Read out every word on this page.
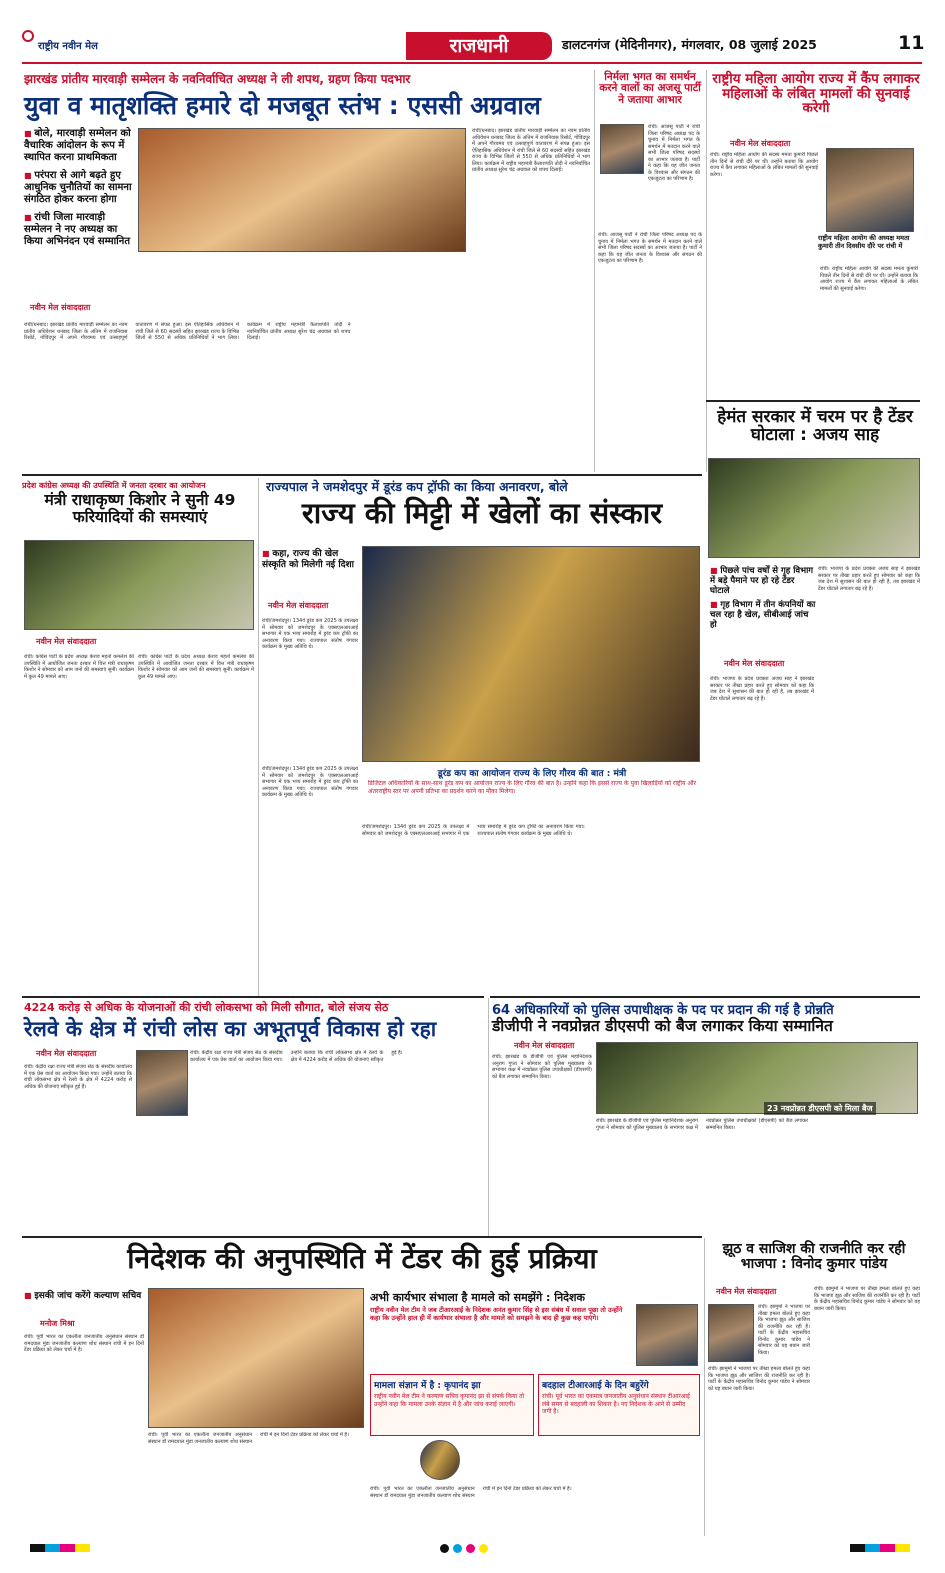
राष्ट्रीय नवीन मेल	राजधानी	डालटनगंज (मेदिनीनगर), मंगलवार, 08 जुलाई 2025	11
झारखंड प्रांतीय मारवाड़ी सम्मेलन के नवनिर्वाचित अध्यक्ष ने ली शपथ, ग्रहण किया पदभार
युवा व मातृशक्ति हमारे दो मजबूत स्तंभ : एससी अग्रवाल
■ बोले, मारवाड़ी सम्मेलन को वैचारिक आंदोलन के रूप में स्थापित करना प्राथमिकता
■ परंपरा से आगे बढ़ते हुए आधुनिक चुनौतियों का सामना संगठित होकर करना होगा
■ रांची जिला मारवाड़ी सम्मेलन ने नए अध्यक्ष का किया अभिनंदन एवं सम्मानित
नवीन मेल संवाददाता
रांची/धनबाद। झारखंड प्रांतीय मारवाड़ी सम्मेलन का नवम प्रांतीय अधिवेशन धनबाद जिला के अंतिम में राजनिवास रिसोर्ट, गोविंदपुर में अपने गौरवमय एवं उत्साहपूर्ण वातावरण में संपन्न हुआ। इस ऐतिहासिक अधिवेशन में रांची जिले से 60 सदस्यों सहित झारखंड राज्य के विभिन्न जिलों से 550 से अधिक प्रतिनिधियों ने भाग लिया। कार्यक्रम में राष्ट्रीय महामंत्री कैलाशपति तोदी ने नवनिर्वाचित प्रांतीय अध्यक्ष सुरेश चंद्र अग्रवाल को शपथ दिलाई।
रांची/धनबाद। झारखंड प्रांतीय मारवाड़ी सम्मेलन का नवम प्रांतीय अधिवेशन धनबाद जिला के अंतिम में राजनिवास रिसोर्ट, गोविंदपुर में अपने गौरवमय एवं उत्साहपूर्ण वातावरण में संपन्न हुआ। इस ऐतिहासिक अधिवेशन में रांची जिले से 60 सदस्यों सहित झारखंड राज्य के विभिन्न जिलों से 550 से अधिक प्रतिनिधियों ने भाग लिया। कार्यक्रम में राष्ट्रीय महामंत्री कैलाशपति तोदी ने नवनिर्वाचित प्रांतीय अध्यक्ष सुरेश चंद्र अग्रवाल को शपथ दिलाई।
निर्मला भगत का समर्थन करने वालों का अजसू पार्टी ने जताया आभार
रांची। आजसू पार्टी ने रांची जिला परिषद अध्यक्ष पद के चुनाव में निर्मला भगत के समर्थन में मतदान करने वाले सभी जिला परिषद सदस्यों का आभार जताया है। पार्टी ने कहा कि यह जीत जनता के विश्वास और संगठन की एकजुटता का परिणाम है।
रांची। आजसू पार्टी ने रांची जिला परिषद अध्यक्ष पद के चुनाव में निर्मला भगत के समर्थन में मतदान करने वाले सभी जिला परिषद सदस्यों का आभार जताया है। पार्टी ने कहा कि यह जीत जनता के विश्वास और संगठन की एकजुटता का परिणाम है।
राष्ट्रीय महिला आयोग राज्य में कैंप लगाकर महिलाओं के लंबित मामलों की सुनवाई करेगी
नवीन मेल संवाददाता
राष्ट्रीय महिला आयोग की अध्यक्ष ममता कुमारी तीन दिवसीय दौरे पर रांची में
रांची। राष्ट्रीय महिला आयोग की सदस्य ममता कुमारी पिछले तीन दिनों से रांची दौरे पर थीं। उन्होंने बताया कि आयोग राज्य में कैंप लगाकर महिलाओं के लंबित मामलों की सुनवाई करेगा।
रांची। राष्ट्रीय महिला आयोग की सदस्य ममता कुमारी पिछले तीन दिनों से रांची दौरे पर थीं। उन्होंने बताया कि आयोग राज्य में कैंप लगाकर महिलाओं के लंबित मामलों की सुनवाई करेगा।
हेमंत सरकार में चरम पर है टेंडर घोटाला : अजय साह
■ पिछले पांच वर्षों से गृह विभाग में बड़े पैमाने पर हो रहे टेंडर घोटाले
■ गृह विभाग में तीन कंपनियों का चल रहा है खेल, सीबीआई जांच हो
नवीन मेल संवाददाता
रांची। भाजपा के प्रदेश प्रवक्ता अजय साह ने झारखंड सरकार पर तीखा प्रहार करते हुए सोमवार को कहा कि जब देश में सुशासन की बात हो रही है, तब झारखंड में टेंडर घोटाले लगातार बढ़ रहे हैं।
रांची। भाजपा के प्रदेश प्रवक्ता अजय साह ने झारखंड सरकार पर तीखा प्रहार करते हुए सोमवार को कहा कि जब देश में सुशासन की बात हो रही है, तब झारखंड में टेंडर घोटाले लगातार बढ़ रहे हैं।
प्रदेश कांग्रेस अध्यक्ष की उपस्थिति में जनता दरबार का आयोजन
मंत्री राधाकृष्ण किशोर ने सुनी 49 फरियादियों की समस्याएं
नवीन मेल संवाददाता
रांची। कांग्रेस पार्टी के प्रदेश अध्यक्ष केशव महतो कमलेश की उपस्थिति में आयोजित जनता दरबार में वित्त मंत्री राधाकृष्ण किशोर ने सोमवार को आम जनों की समस्याएं सुनीं। कार्यक्रम में कुल 49 मामले आए।
रांची। कांग्रेस पार्टी के प्रदेश अध्यक्ष केशव महतो कमलेश की उपस्थिति में आयोजित जनता दरबार में वित्त मंत्री राधाकृष्ण किशोर ने सोमवार को आम जनों की समस्याएं सुनीं। कार्यक्रम में कुल 49 मामले आए।
राज्यपाल ने जमशेदपुर में डूरंड कप ट्रॉफी का किया अनावरण, बोले
राज्य की मिट्टी में खेलों का संस्कार
■ कहा, राज्य की खेल संस्कृति को मिलेगी नई दिशा
नवीन मेल संवाददाता
रांची/जमशेदपुर। 134वें डूरंड कप 2025 के उपलक्ष्य में सोमवार को जमशेदपुर के एक्सएलआरआई सभागार में एक भव्य समारोह में डूरंड कप ट्रॉफी का अनावरण किया गया। राज्यपाल संतोष गंगवार कार्यक्रम के मुख्य अतिथि थे।
डूरंड कप का आयोजन राज्य के लिए गौरव की बात : मंत्री
डिजिटल अधिकारियों के साथ-साथ डूरंड कप का आयोजन राज्य के लिए गौरव की बात है। उन्होंने कहा कि इससे राज्य के युवा खिलाड़ियों को राष्ट्रीय और अंतरराष्ट्रीय स्तर पर अपनी प्रतिभा का प्रदर्शन करने का मौका मिलेगा।
रांची/जमशेदपुर। 134वें डूरंड कप 2025 के उपलक्ष्य में सोमवार को जमशेदपुर के एक्सएलआरआई सभागार में एक भव्य समारोह में डूरंड कप ट्रॉफी का अनावरण किया गया। राज्यपाल संतोष गंगवार कार्यक्रम के मुख्य अतिथि थे।
रांची/जमशेदपुर। 134वें डूरंड कप 2025 के उपलक्ष्य में सोमवार को जमशेदपुर के एक्सएलआरआई सभागार में एक भव्य समारोह में डूरंड कप ट्रॉफी का अनावरण किया गया। राज्यपाल संतोष गंगवार कार्यक्रम के मुख्य अतिथि थे।
4224 करोड़ से अधिक के योजनाओं की रांची लोकसभा को मिली सौगात, बोले संजय सेठ
रेलवे के क्षेत्र में रांची लोस का अभूतपूर्व विकास हो रहा
नवीन मेल संवाददाता
रांची। केंद्रीय रक्षा राज्य मंत्री संजय सेठ के संसदीय कार्यालय में एक प्रेस वार्ता का आयोजन किया गया। उन्होंने बताया कि रांची लोकसभा क्षेत्र में रेलवे के क्षेत्र में 4224 करोड़ से अधिक की योजनाएं स्वीकृत हुई हैं।
रांची। केंद्रीय रक्षा राज्य मंत्री संजय सेठ के संसदीय कार्यालय में एक प्रेस वार्ता का आयोजन किया गया। उन्होंने बताया कि रांची लोकसभा क्षेत्र में रेलवे के क्षेत्र में 4224 करोड़ से अधिक की योजनाएं स्वीकृत हुई हैं।
64 अधिकारियों को पुलिस उपाधीक्षक के पद पर प्रदान की गई है प्रोन्नति
डीजीपी ने नवप्रोन्नत डीएसपी को बैज लगाकर किया सम्मानित
नवीन मेल संवाददाता
रांची। झारखंड के डीजीपी एवं पुलिस महानिदेशक अनुराग गुप्ता ने सोमवार को पुलिस मुख्यालय के सभागार कक्ष में नवप्रोन्नत पुलिस उपाधीक्षकों (डीएसपी) को बैज लगाकर सम्मानित किया।
23 नवप्रोन्नत डीएसपी को मिला बैज
रांची। झारखंड के डीजीपी एवं पुलिस महानिदेशक अनुराग गुप्ता ने सोमवार को पुलिस मुख्यालय के सभागार कक्ष में नवप्रोन्नत पुलिस उपाधीक्षकों (डीएसपी) को बैज लगाकर सम्मानित किया।
निदेशक की अनुपस्थिति में टेंडर की हुई प्रक्रिया
■ इसकी जांच करेंगे कल्याण सचिव
मनोज मिश्रा
रांची। पूर्वी भारत का एकलौता जनजातीय अनुसंधान संस्थान डॉ रामदयाल मुंडा जनजातीय कल्याण शोध संस्थान रांची में इन दिनों टेंडर प्रक्रिया को लेकर चर्चा में है।
रांची। पूर्वी भारत का एकलौता जनजातीय अनुसंधान संस्थान डॉ रामदयाल मुंडा जनजातीय कल्याण शोध संस्थान रांची में इन दिनों टेंडर प्रक्रिया को लेकर चर्चा में है।
अभी कार्यभार संभाला है मामले को समझेंगे : निदेशक
राष्ट्रीय नवीन मेल टीम ने जब टीआरआई के निदेशक अनंत कुमार सिंह से इस संबंध में सवाल पूछा तो उन्होंने कहा कि उन्होंने हाल ही में कार्यभार संभाला है और मामले को समझने के बाद ही कुछ कह पाएंगे।
मामला संज्ञान में है : कृपानंद झा
राष्ट्रीय नवीन मेल टीम ने कल्याण सचिव कृपानंद झा से संपर्क किया तो उन्होंने कहा कि मामला उनके संज्ञान में है और जांच कराई जाएगी।
बदहाल टीआरआई के दिन बहुरेंगे
रांची। पूर्व भारत का एकमात्र जनजातीय अनुसंधान संस्थान टीआरआई लंबे समय से बदहाली का शिकार है। नए निदेशक के आने से उम्मीद जगी है।
रांची। पूर्वी भारत का एकलौता जनजातीय अनुसंधान संस्थान डॉ रामदयाल मुंडा जनजातीय कल्याण शोध संस्थान रांची में इन दिनों टेंडर प्रक्रिया को लेकर चर्चा में है।
झूठ व साजिश की राजनीति कर रही भाजपा : विनोद कुमार पांडेय
नवीन मेल संवाददाता
रांची। झामुमो ने भाजपा पर तीखा हमला बोलते हुए कहा कि भाजपा झूठ और साजिश की राजनीति कर रही है। पार्टी के केंद्रीय महासचिव विनोद कुमार पांडेय ने सोमवार को यह बयान जारी किया।
रांची। झामुमो ने भाजपा पर तीखा हमला बोलते हुए कहा कि भाजपा झूठ और साजिश की राजनीति कर रही है। पार्टी के केंद्रीय महासचिव विनोद कुमार पांडेय ने सोमवार को यह बयान जारी किया।
रांची। झामुमो ने भाजपा पर तीखा हमला बोलते हुए कहा कि भाजपा झूठ और साजिश की राजनीति कर रही है। पार्टी के केंद्रीय महासचिव विनोद कुमार पांडेय ने सोमवार को यह बयान जारी किया।
